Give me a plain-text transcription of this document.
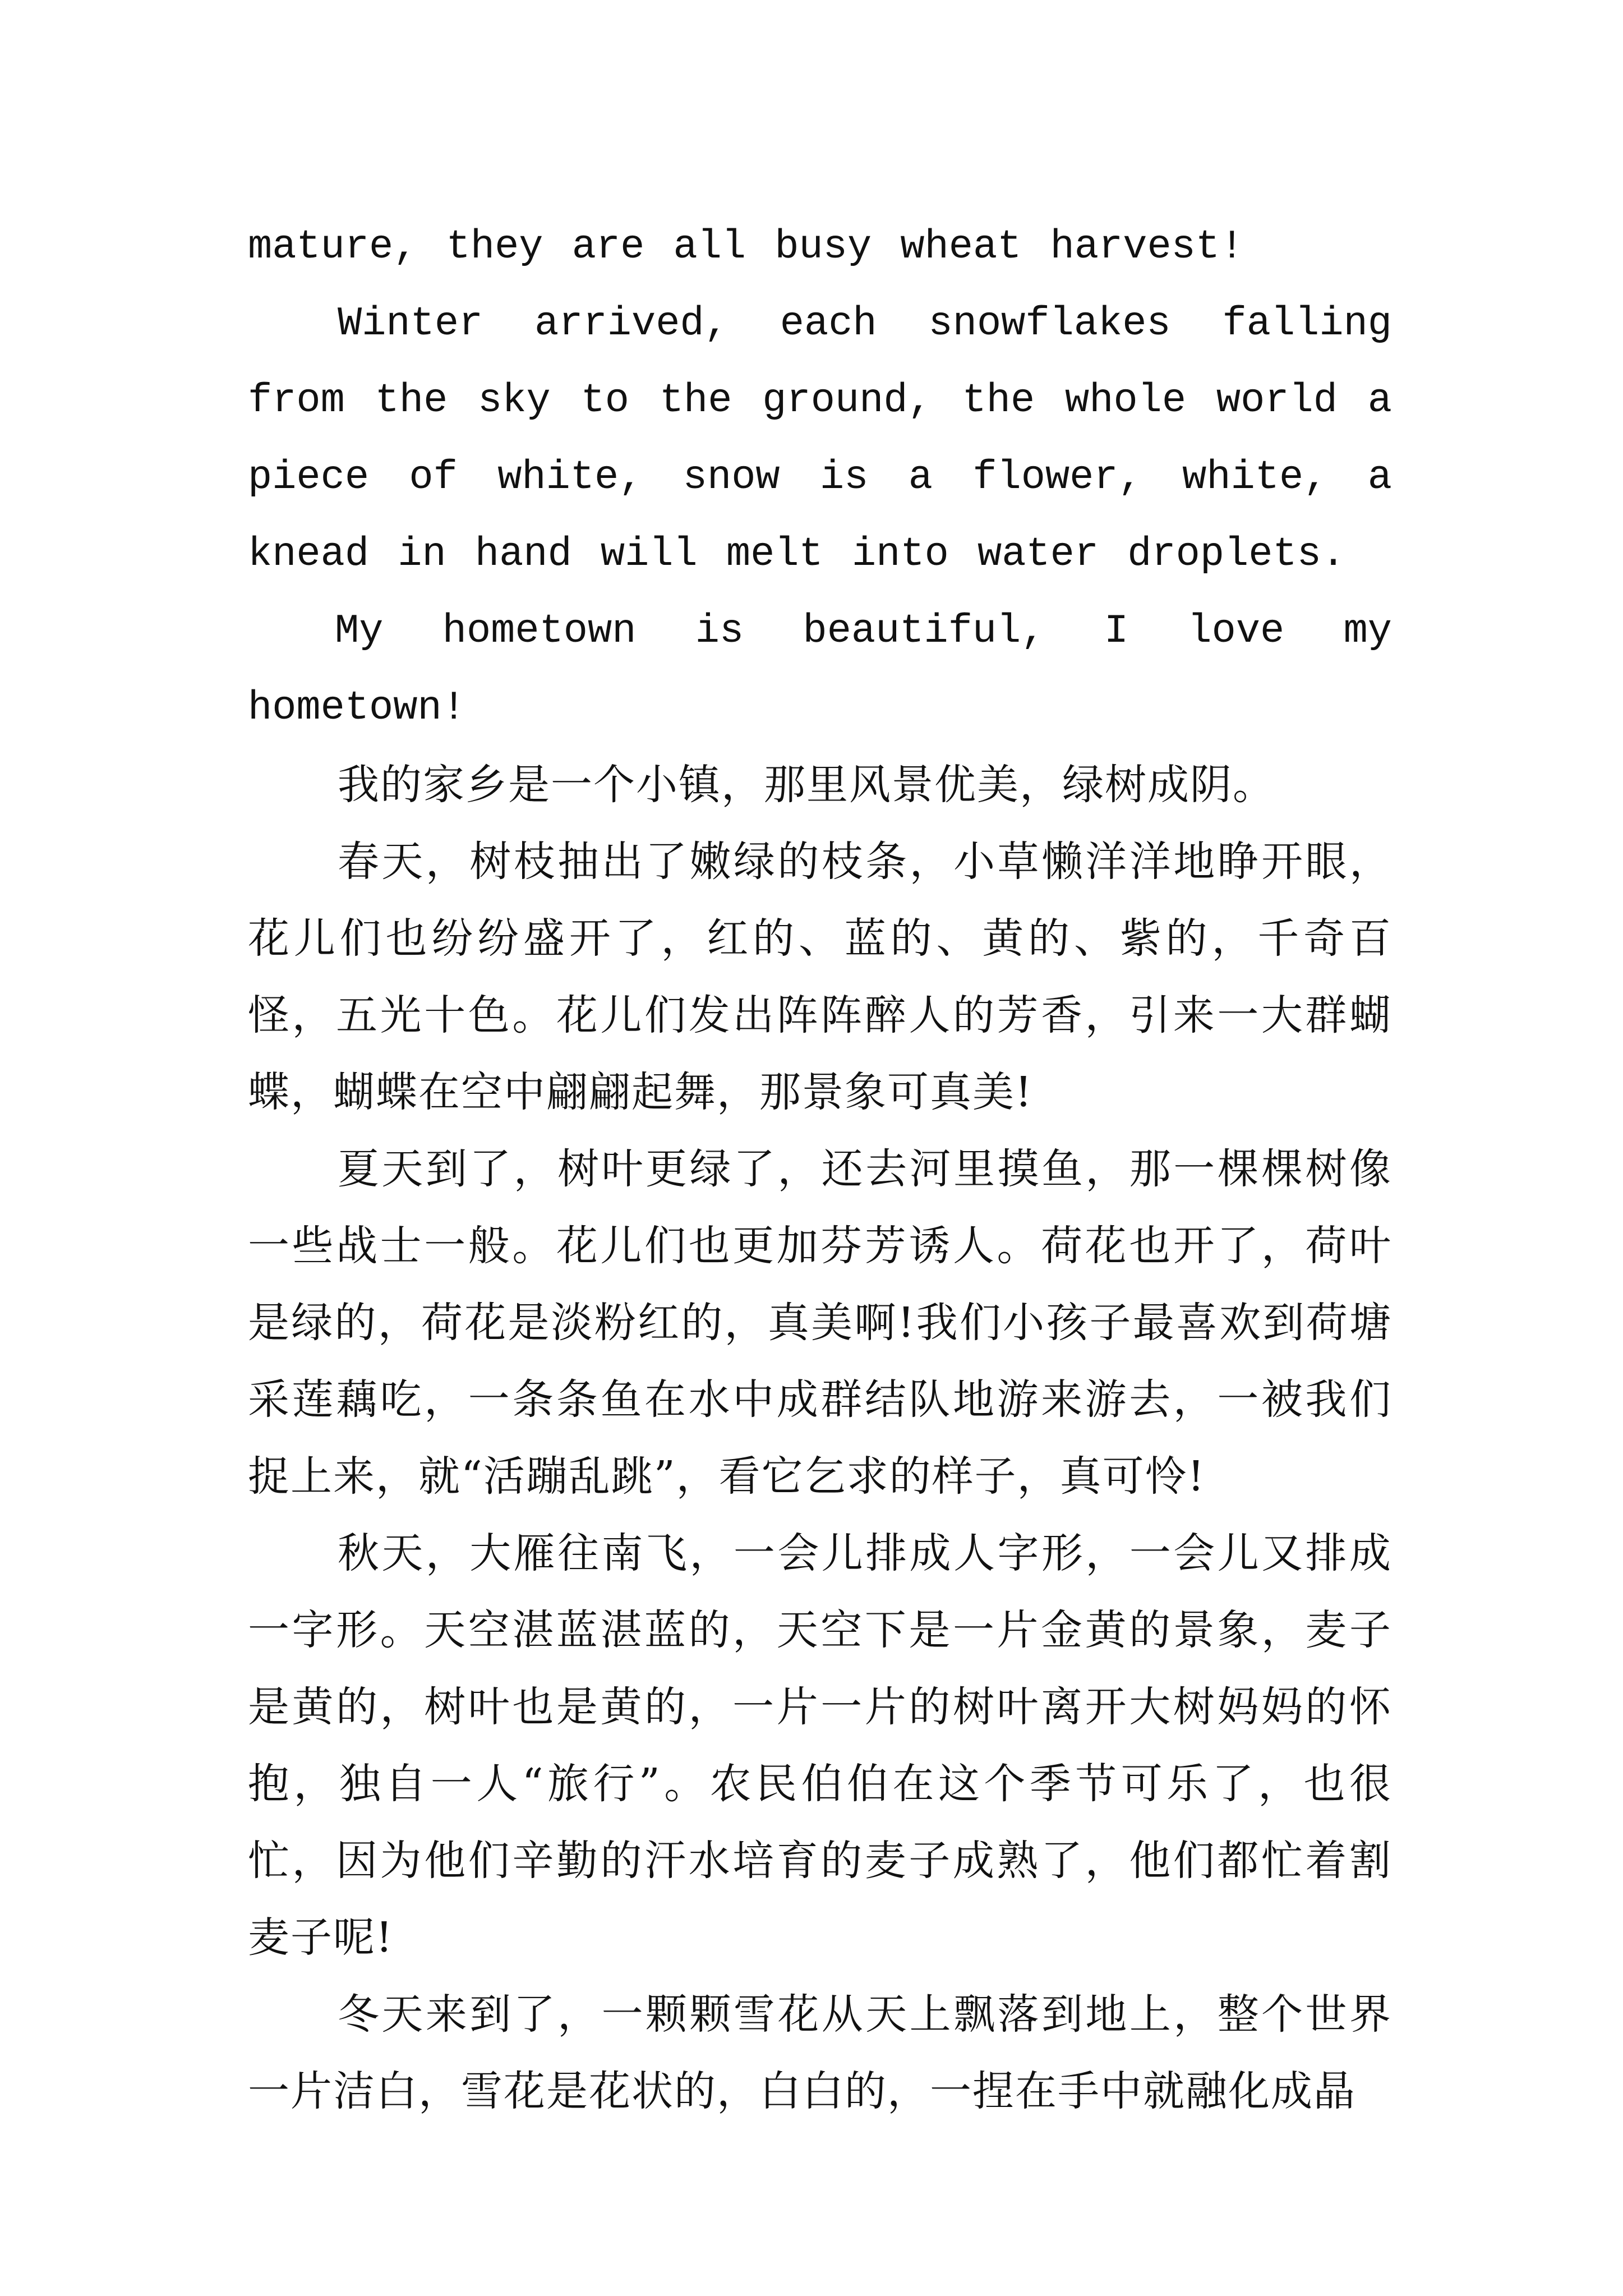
mature, they are all busy wheat harvest!

Winter arrived, each snowflakes falling from the sky to the ground, the whole world a piece of white, snow is a flower, white, a knead in hand will melt into water droplets.

My hometown is beautiful, I love my hometown!

我的家乡是一个小镇，那里风景优美，绿树成阴。

春天，树枝抽出了嫩绿的枝条，小草懒洋洋地睁开眼，花儿们也纷纷盛开了，红的、蓝的、黄的、紫的，千奇百怪，五光十色。花儿们发出阵阵醉人的芳香，引来一大群蝴蝶，蝴蝶在空中翩翩起舞，那景象可真美!

夏天到了，树叶更绿了，还去河里摸鱼，那一棵棵树像一些战士一般。花儿们也更加芬芳诱人。荷花也开了，荷叶是绿的，荷花是淡粉红的，真美啊!我们小孩子最喜欢到荷塘采莲藕吃，一条条鱼在水中成群结队地游来游去，一被我们捉上来，就“活蹦乱跳”，看它乞求的样子，真可怜!

秋天，大雁往南飞，一会儿排成人字形，一会儿又排成一字形。天空湛蓝湛蓝的，天空下是一片金黄的景象，麦子是黄的，树叶也是黄的，一片一片的树叶离开大树妈妈的怀抱，独自一人“旅行”。农民伯伯在这个季节可乐了，也很忙，因为他们辛勤的汗水培育的麦子成熟了，他们都忙着割麦子呢!

冬天来到了，一颗颗雪花从天上飘落到地上，整个世界一片洁白，雪花是花状的，白白的，一捏在手中就融化成晶
